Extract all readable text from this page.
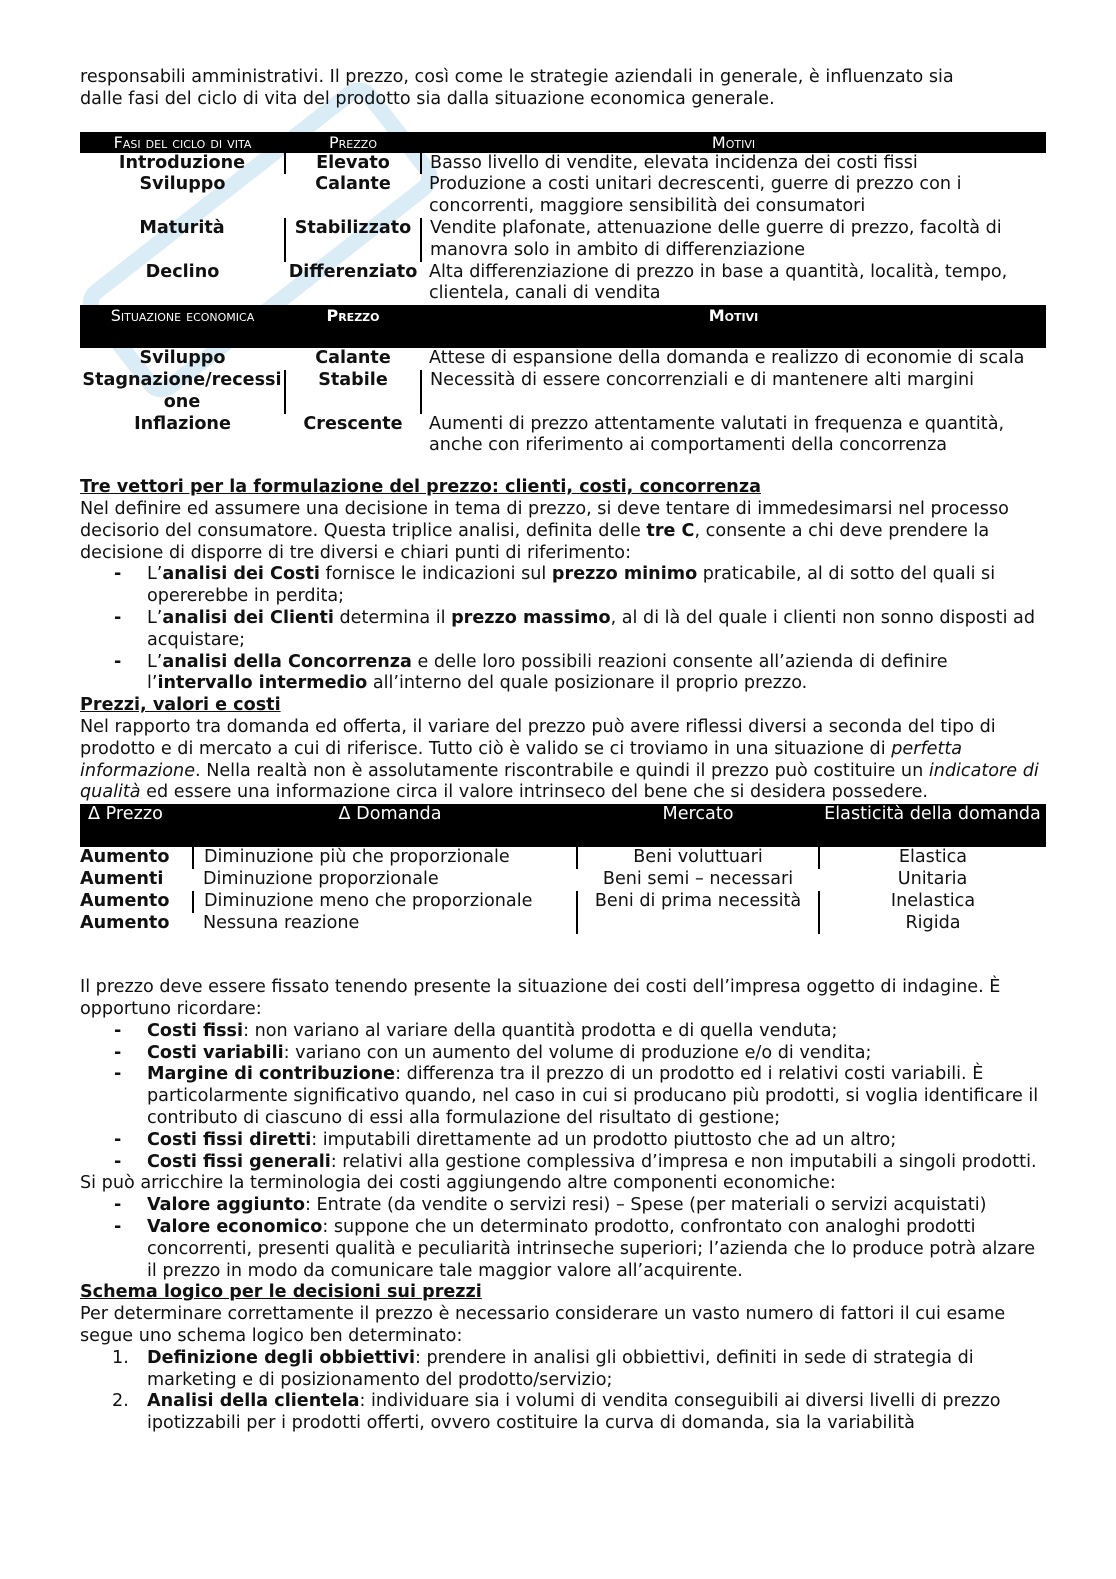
responsabili amministrativi. Il prezzo, così come le strategie aziendali in generale, è influenzato sia
dalle fasi del ciclo di vita del prodotto sia dalla situazione economica generale.

Fasi del ciclo di vita	Prezzo	Motivi
Introduzione	Elevato	Basso livello di vendite, elevata incidenza dei costi fissi
Sviluppo	Calante	Produzione a costi unitari decrescenti, guerre di prezzo con i concorrenti, maggiore sensibilità dei consumatori
Maturità	Stabilizzato	Vendite plafonate, attenuazione delle guerre di prezzo, facoltà di manovra solo in ambito di differenziazione
Declino	Differenziato	Alta differenziazione di prezzo in base a quantità, località, tempo, clientela, canali di vendita
Situazione economica	Prezzo	Motivi
Sviluppo	Calante	Attese di espansione della domanda e realizzo di economie di scala
Stagnazione/recessione	Stabile	Necessità di essere concorrenziali e di mantenere alti margini
Inflazione	Crescente	Aumenti di prezzo attentamente valutati in frequenza e quantità, anche con riferimento ai comportamenti della concorrenza

Tre vettori per la formulazione del prezzo: clienti, costi, concorrenza

Nel definire ed assumere una decisione in tema di prezzo, si deve tentare di immedesimarsi nel processo decisorio del consumatore. Questa triplice analisi, definita delle tre C, consente a chi deve prendere la decisione di disporre di tre diversi e chiari punti di riferimento:

- L’analisi dei Costi fornisce le indicazioni sul prezzo minimo praticabile, al di sotto del quali si opererebbe in perdita;
- L’analisi dei Clienti determina il prezzo massimo, al di là del quale i clienti non sonno disposti ad acquistare;
- L’analisi della Concorrenza e delle loro possibili reazioni consente all’azienda di definire l’intervallo intermedio all’interno del quale posizionare il proprio prezzo.

Prezzi, valori e costi

Nel rapporto tra domanda ed offerta, il variare del prezzo può avere riflessi diversi a seconda del tipo di prodotto e di mercato a cui di riferisce. Tutto ciò è valido se ci troviamo in una situazione di perfetta informazione. Nella realtà non è assolutamente riscontrabile e quindi il prezzo può costituire un indicatore di qualità ed essere una informazione circa il valore intrinseco del bene che si desidera possedere.

Δ Prezzo	Δ Domanda	Mercato	Elasticità della domanda
Aumento	Diminuzione più che proporzionale	Beni voluttuari	Elastica
Aumenti	Diminuzione proporzionale	Beni semi – necessari	Unitaria
Aumento	Diminuzione meno che proporzionale	Beni di prima necessità	Inelastica
Aumento	Nessuna reazione		Rigida

Il prezzo deve essere fissato tenendo presente la situazione dei costi dell’impresa oggetto di indagine. È opportuno ricordare:

- Costi fissi: non variano al variare della quantità prodotta e di quella venduta;
- Costi variabili: variano con un aumento del volume di produzione e/o di vendita;
- Margine di contribuzione: differenza tra il prezzo di un prodotto ed i relativi costi variabili. È particolarmente significativo quando, nel caso in cui si producano più prodotti, si voglia identificare il contributo di ciascuno di essi alla formulazione del risultato di gestione;
- Costi fissi diretti: imputabili direttamente ad un prodotto piuttosto che ad un altro;
- Costi fissi generali: relativi alla gestione complessiva d’impresa e non imputabili a singoli prodotti.

Si può arricchire la terminologia dei costi aggiungendo altre componenti economiche:

- Valore aggiunto: Entrate (da vendite o servizi resi) – Spese (per materiali o servizi acquistati)
- Valore economico: suppone che un determinato prodotto, confrontato con analoghi prodotti concorrenti, presenti qualità e peculiarità intrinseche superiori; l’azienda che lo produce potrà alzare il prezzo in modo da comunicare tale maggior valore all’acquirente.

Schema logico per le decisioni sui prezzi

Per determinare correttamente il prezzo è necessario considerare un vasto numero di fattori il cui esame segue uno schema logico ben determinato:

1. Definizione degli obbiettivi: prendere in analisi gli obbiettivi, definiti in sede di strategia di marketing e di posizionamento del prodotto/servizio;
2. Analisi della clientela: individuare sia i volumi di vendita conseguibili ai diversi livelli di prezzo ipotizzabili per i prodotti offerti, ovvero costituire la curva di domanda, sia la variabilità
